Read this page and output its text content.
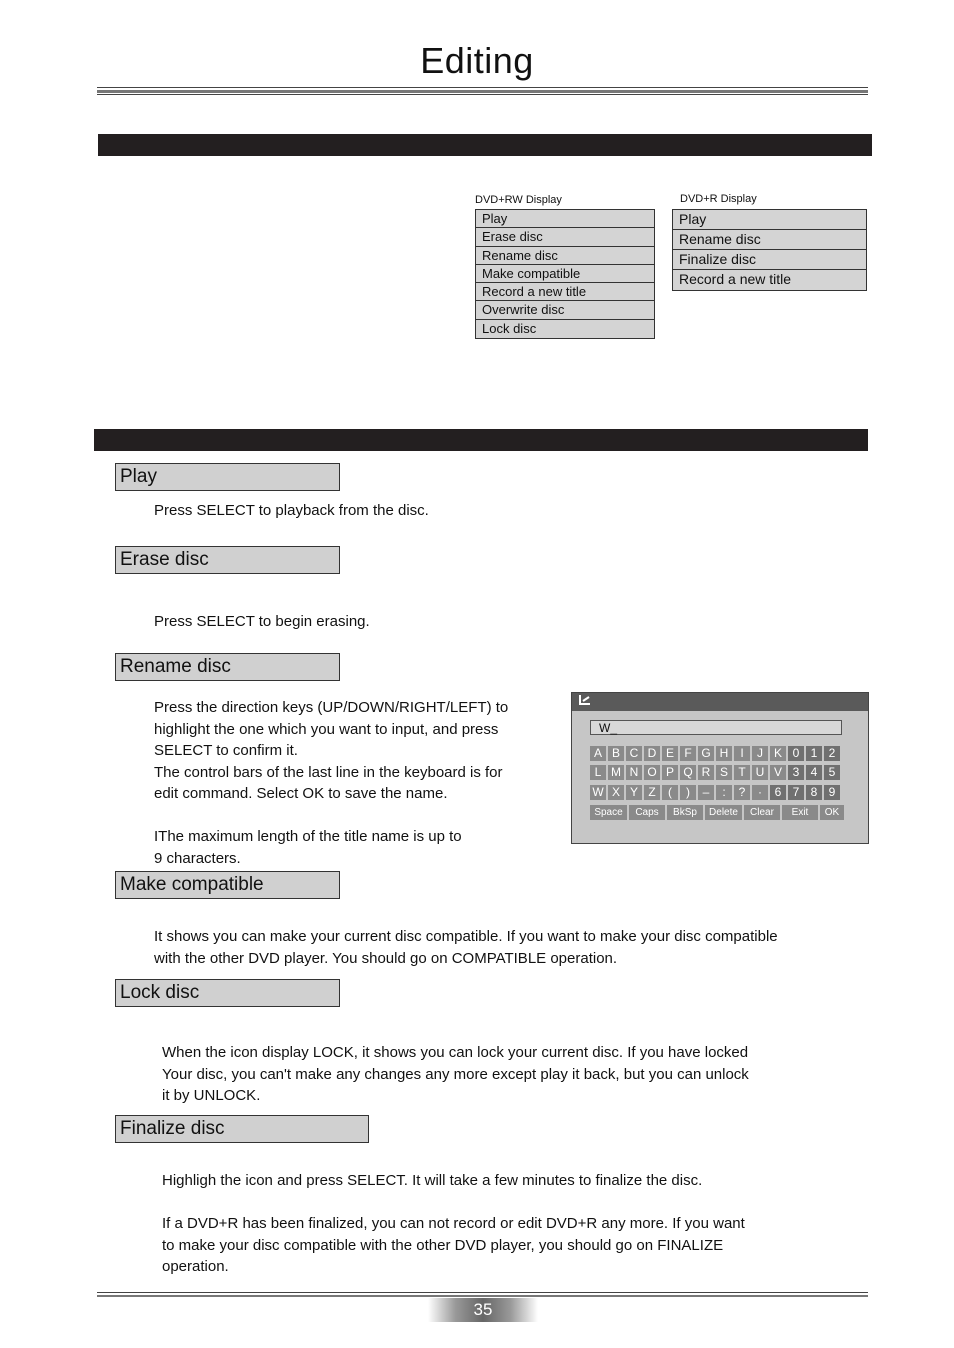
Editing
DVD+RW Display
Play
Erase disc
Rename disc
Make compatible
Record a new title
Overwrite disc
Lock disc
DVD+R Display
Play
Rename disc
Finalize disc
Record a new title
Play
Press SELECT to playback from the disc.
Erase disc
Press SELECT to begin erasing.
Rename disc
Press the direction keys (UP/DOWN/RIGHT/LEFT) to
highlight the one which you want to input, and press
SELECT to confirm it.
The control bars of the last line in the keyboard is for
edit command. Select OK to save the name.
IThe maximum length of the title name is up to
9 characters.
W_
A B C D E F G H	I	J K 0 1 2
L M N O P Q R S T U V 3 4 5
W X Y Z	(	)	–	:	?	·	6 7 8 9
Space	Caps	BkSp	Delete	Clear	Exit	OK
Make compatible
It shows you can make your current disc compatible. If you want to make your disc compatible
with the other DVD player. You should go on COMPATIBLE operation.
Lock disc
When the icon display LOCK, it shows you can lock your current disc. If you have locked
Your disc, you can't make any changes any more except play it back, but you can unlock
it by UNLOCK.
Finalize disc
Highligh the icon and press SELECT. It will take a few minutes to finalize the disc.
If a DVD+R has been finalized, you can not record or edit DVD+R any more. If you want
to make your disc compatible with the other DVD player, you should go on FINALIZE
operation.
35
